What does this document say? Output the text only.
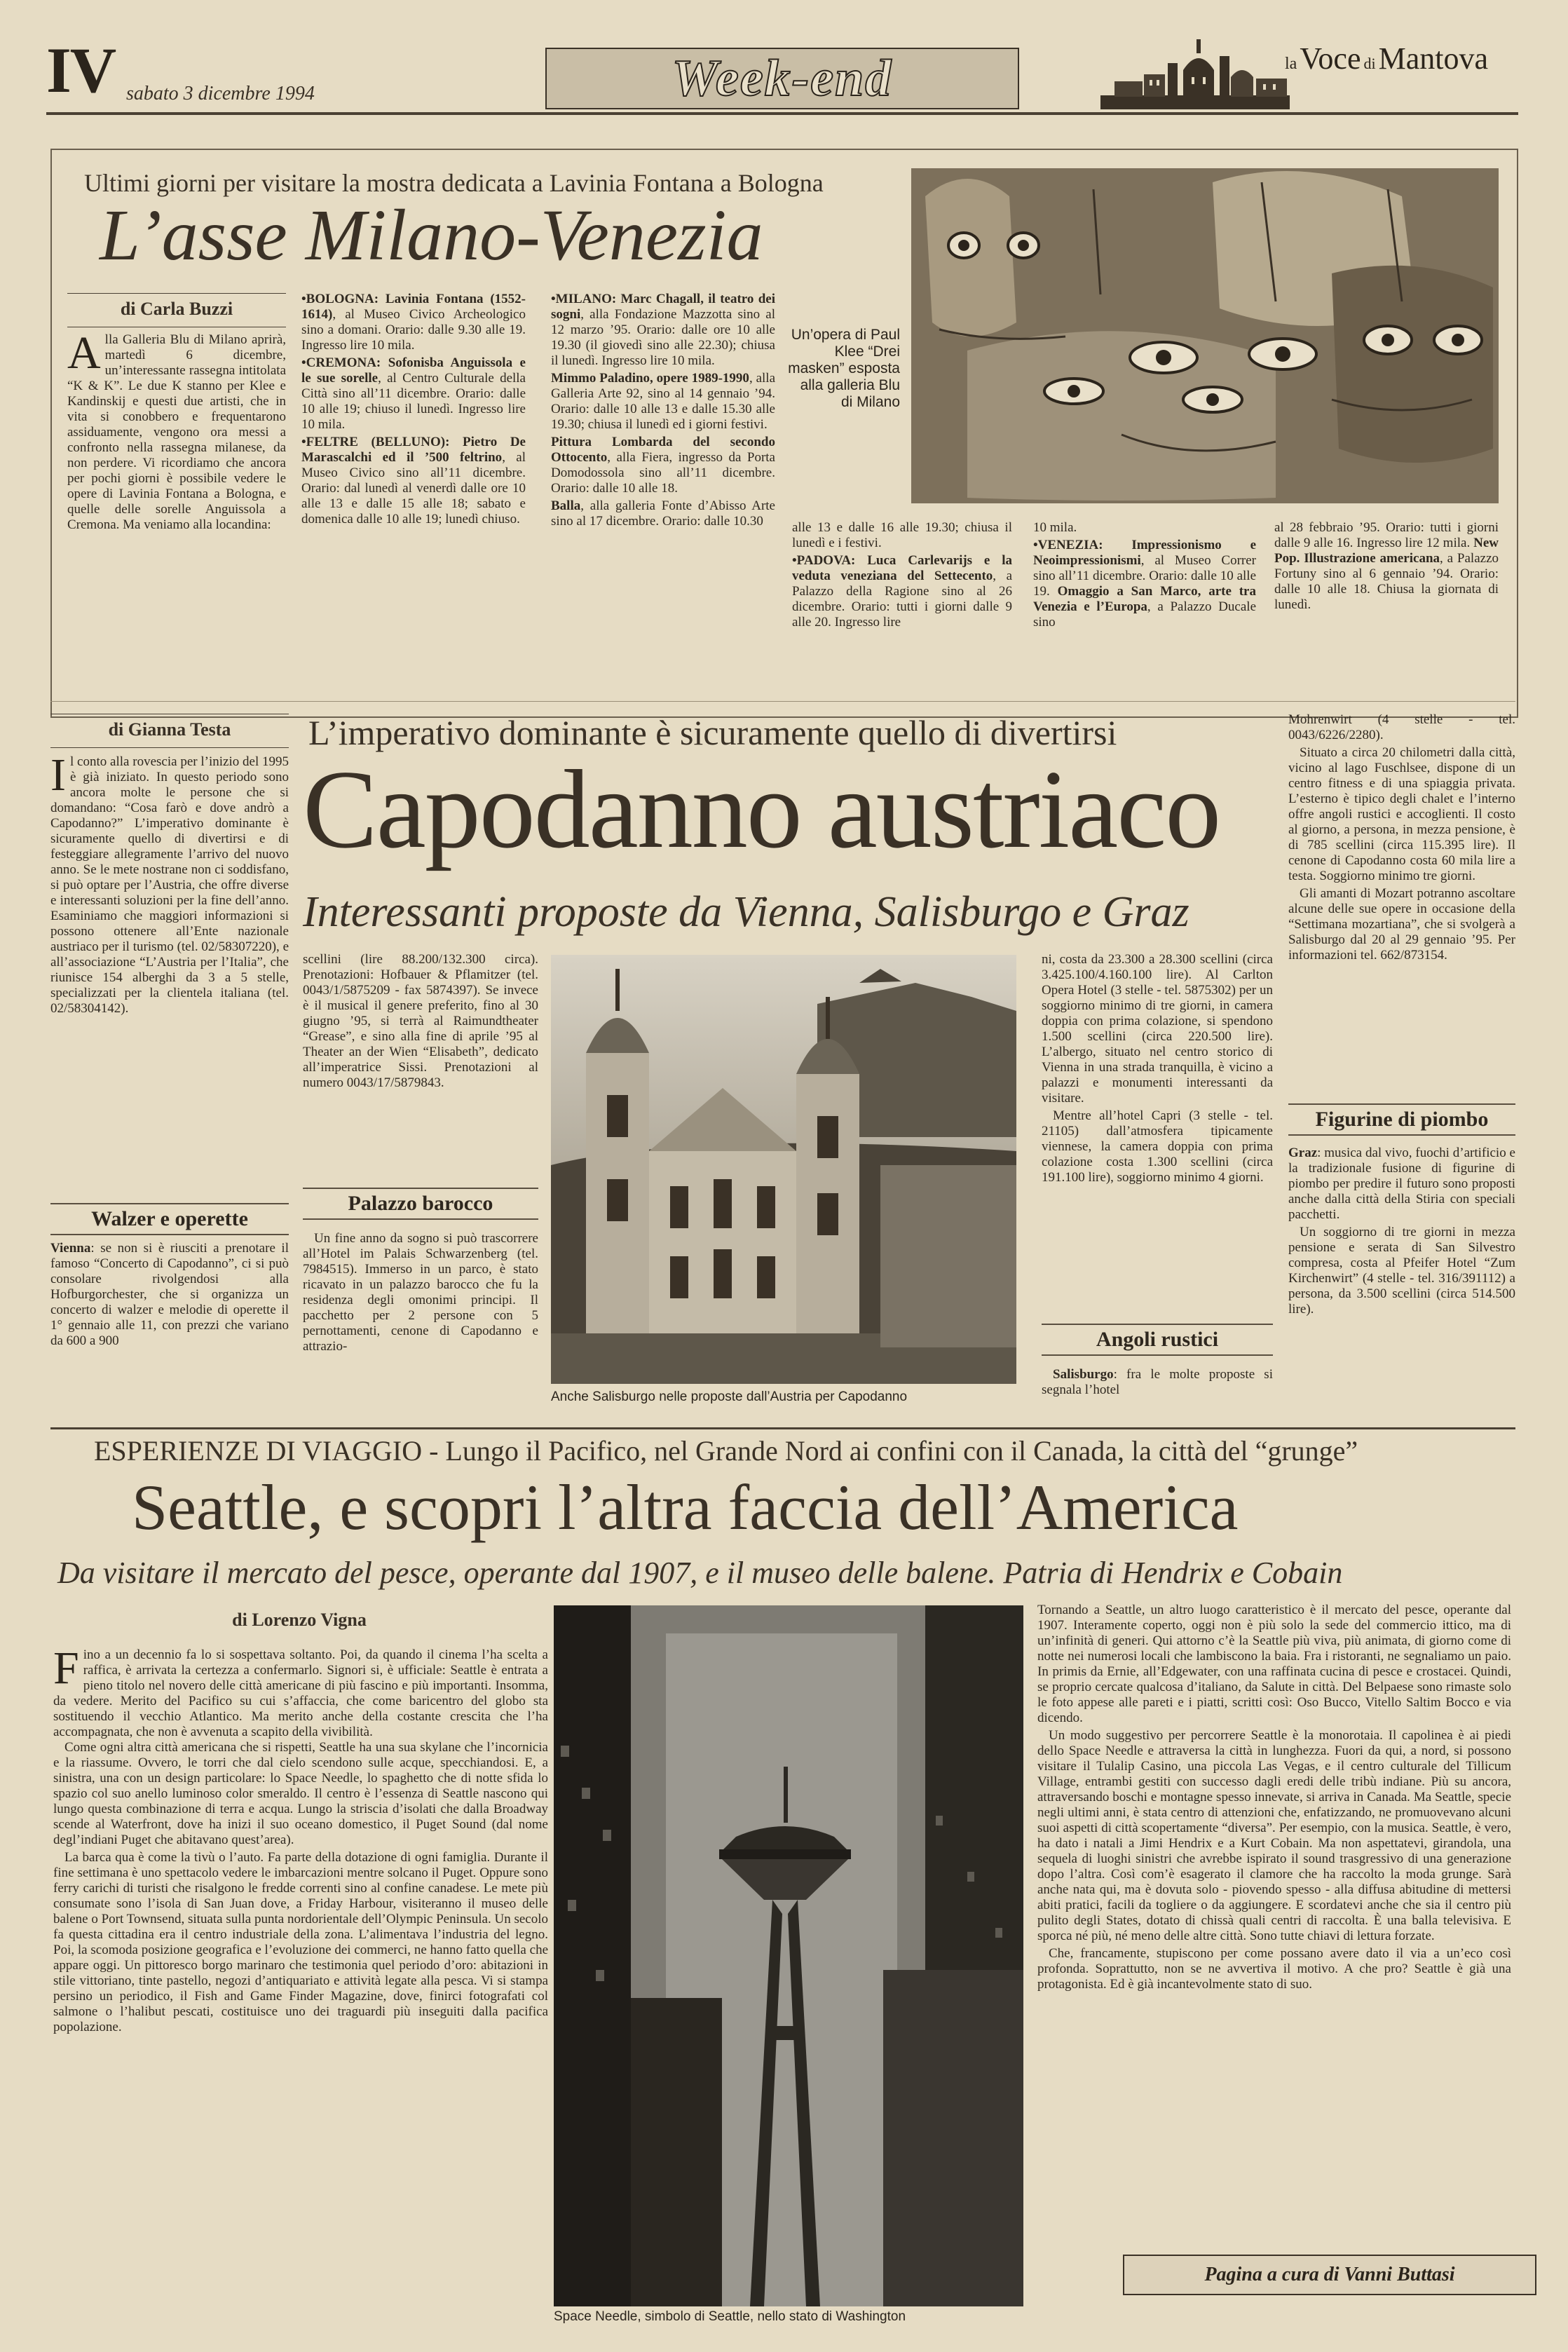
IV sabato 3 dicembre 1994	Week-end	la Voce di Mantova
Ultimi giorni per visitare la mostra dedicata a Lavinia Fontana a Bologna
L’asse Milano-Venezia
di Carla Buzzi
A lla Galleria Blu di Milano aprirà, martedì 6 dicembre, un’interessante rassegna intitolata “K & K”. Le due K stanno per Klee e Kandinskij e questi due artisti, che in vita si conobbero e frequentarono assiduamente, vengono ora messi a confronto nella rassegna milanese, da non perdere. Vi ricordiamo che ancora per pochi giorni è possibile vedere le opere di Lavinia Fontana a Bologna, e quelle delle sorelle Anguissola a Cremona. Ma veniamo alla locandina:

•BOLOGNA: Lavinia Fontana (1552-1614), al Museo Civico Archeologico sino a domani. Orario: dalle 9.30 alle 19. Ingresso lire 10 mila.

•CREMONA: Sofonisba Anguissola e le sue sorelle, al Centro Culturale della Città sino all’11 dicembre. Orario: dalle 10 alle 19; chiuso il lunedì. Ingresso lire 10 mila.

•FELTRE (BELLUNO): Pietro De Marascalchi ed il ’500 feltrino, al Museo Civico sino all’11 dicembre. Orario: dal lunedì al venerdì dalle ore 10 alle 13 e dalle 15 alle 18; sabato e domenica dalle 10 alle 19; lunedì chiuso.

•MILANO: Marc Chagall, il teatro dei sogni, alla Fondazione Mazzotta sino al 12 marzo ’95. Orario: dalle ore 10 alle 19.30 (il giovedì sino alle 22.30); chiusa il lunedì. Ingresso lire 10 mila.

Mimmo Paladino, opere 1989-1990, alla Galleria Arte 92, sino al 14 gennaio ’94. Orario: dalle 10 alle 13 e dalle 15.30 alle 19.30; chiusa il lunedì ed i giorni festivi.

Pittura Lombarda del secondo Ottocento, alla Fiera, ingresso da Porta Domodossola sino all’11 dicembre. Orario: dalle 10 alle 18.

Balla, alla galleria Fonte d’Abisso Arte sino al 17 dicembre. Orario: dalle 10.30

Un’opera di Paul Klee “Drei masken” esposta alla galleria Blu di Milano

alle 13 e dalle 16 alle 19.30; chiusa il lunedì e i festivi.

•PADOVA: Luca Carlevarijs e la veduta veneziana del Settecento, a Palazzo della Ragione sino al 26 dicembre. Orario: tutti i giorni dalle 9 alle 20. Ingresso lire

10 mila.

•VENEZIA: Impressionismo e Neoimpressionismi, al Museo Correr sino all’11 dicembre. Orario: dalle 10 alle 19. Omaggio a San Marco, arte tra Venezia e l’Europa, a Palazzo Ducale sino

al 28 febbraio ’95. Orario: tutti i giorni dalle 9 alle 16. Ingresso lire 12 mila. New Pop. Illustrazione americana, a Palazzo Fortuny sino al 6 gennaio ’94. Orario: dalle 10 alle 18. Chiusa la giornata di lunedì.

di Gianna Testa
I l conto alla rovescia per l’inizio del 1995 è già iniziato. In questo periodo sono ancora molte le persone che si domandano: “Cosa farò e dove andrò a Capodanno?” L’imperativo dominante è sicuramente quello di divertirsi e di festeggiare allegramente l’arrivo del nuovo anno. Se le mete nostrane non ci soddisfano, si può optare per l’Austria, che offre diverse e interessanti soluzioni per la fine dell’anno. Esaminiamo che maggiori informazioni si possono ottenere all’Ente nazionale austriaco per il turismo (tel. 02/58307220), e all’associazione “L’Austria per l’Italia”, che riunisce 154 alberghi da 3 a 5 stelle, specializzati per la clientela italiana (tel. 02/58304142).
Walzer e operette

Vienna: se non si è riusciti a prenotare il famoso “Concerto di Capodanno”, ci si può consolare rivolgendosi alla Hofburgorchester, che si organizza un concerto di walzer e melodie di operette il 1° gennaio alle 11, con prezzi che variano da 600 a 900

L’imperativo dominante è sicuramente quello di divertirsi
Capodanno austriaco
Interessanti proposte da Vienna, Salisburgo e Graz

scellini (lire 88.200/132.300 circa). Prenotazioni: Hofbauer & Pflamitzer (tel. 0043/1/5875209 - fax 5874397). Se invece è il musical il genere preferito, fino al 30 giugno ’95, si terrà al Raimundtheater “Grease”, e sino alla fine di aprile ’95 al Theater an der Wien “Elisabeth”, dedicato all’imperatrice Sissi. Prenotazioni al numero 0043/17/5879843.

Palazzo barocco

Un fine anno da sogno si può trascorrere all’Hotel im Palais Schwarzenberg (tel. 7984515). Immerso in un parco, è stato ricavato in un palazzo barocco che fu la residenza degli omonimi principi. Il pacchetto per 2 persone con 5 pernottamenti, cenone di Capodanno e attrazio-

Anche Salisburgo nelle proposte dall’Austria per Capodanno

ni, costa da 23.300 a 28.300 scellini (circa 3.425.100/4.160.100 lire). Al Carlton Opera Hotel (3 stelle - tel. 5875302) per un soggiorno minimo di tre giorni, in camera doppia con prima colazione, si spendono 1.500 scellini (circa 220.500 lire). L’albergo, situato nel centro storico di Vienna in una strada tranquilla, è vicino a palazzi e monumenti interessanti da visitare.

Mentre all’hotel Capri (3 stelle - tel. 21105) dall’atmosfera tipicamente viennese, la camera doppia con prima colazione costa 1.300 scellini (circa 191.100 lire), soggiorno minimo 4 giorni.

Angoli rustici

Salisburgo: fra le molte proposte si segnala l’hotel

Mohrenwirt (4 stelle - tel. 0043/6226/2280).

Situato a circa 20 chilometri dalla città, vicino al lago Fuschlsee, dispone di un centro fitness e di una spiaggia privata. L’esterno è tipico degli chalet e l’interno offre angoli rustici e accoglienti. Il costo al giorno, a persona, in mezza pensione, è di 785 scellini (circa 115.395 lire). Il cenone di Capodanno costa 60 mila lire a testa. Soggiorno minimo tre giorni.

Gli amanti di Mozart potranno ascoltare alcune delle sue opere in occasione della “Settimana mozartiana”, che si svolgerà a Salisburgo dal 20 al 29 gennaio ’95. Per informazioni tel. 662/873154.

Figurine di piombo

Graz: musica dal vivo, fuochi d’artificio e la tradizionale fusione di figurine di piombo per predire il futuro sono proposti anche dalla città della Stiria con speciali pacchetti.

Un soggiorno di tre giorni in mezza pensione e serata di San Silvestro compresa, costa al Pfeifer Hotel “Zum Kirchenwirt” (4 stelle - tel. 316/391112) a persona, da 3.500 scellini (circa 514.500 lire).

ESPERIENZE DI VIAGGIO - Lungo il Pacifico, nel Grande Nord ai confini con il Canada, la città del “grunge”
Seattle, e scopri l’altra faccia dell’America
Da visitare il mercato del pesce, operante dal 1907, e il museo delle balene. Patria di Hendrix e Cobain
di Lorenzo Vigna
F ino a un decennio fa lo si sospettava soltanto. Poi, da quando il cinema l’ha scelta a raffica, è arrivata la certezza a confermarlo. Signori si, è ufficiale: Seattle è entrata a pieno titolo nel novero delle città americane di più fascino e più importanti. Insomma, da vedere. Merito del Pacifico su cui s’affaccia, che come baricentro del globo sta sostituendo il vecchio Atlantico. Ma merito anche della costante crescita che l’ha accompagnata, che non è avvenuta a scapito della vivibilità.

Come ogni altra città americana che si rispetti, Seattle ha una sua skylane che l’incornicia e la riassume. Ovvero, le torri che dal cielo scendono sulle acque, specchiandosi. E, a sinistra, una con un design particolare: lo Space Needle, lo spaghetto che di notte sfida lo spazio col suo anello luminoso color smeraldo. Il centro è l’essenza di Seattle nascono qui lungo questa combinazione di terra e acqua. Lungo la striscia d’isolati che dalla Broadway scende al Waterfront, dove ha inizi il suo oceano domestico, il Puget Sound (dal nome degl’indiani Puget che abitavano quest’area).

La barca qua è come la tivù o l’auto. Fa parte della dotazione di ogni famiglia. Durante il fine settimana è uno spettacolo vedere le imbarcazioni mentre solcano il Puget. Oppure sono ferry carichi di turisti che risalgono le fredde correnti sino al confine canadese. Le mete più consumate sono l’isola di San Juan dove, a Friday Harbour, visiteranno il museo delle balene o Port Townsend, situata sulla punta nordorientale dell’Olympic Peninsula. Un secolo fa questa cittadina era il centro industriale della zona. L’alimentava l’industria del legno. Poi, la scomoda posizione geografica e l’evoluzione dei commerci, ne hanno fatto quella che appare oggi. Un pittoresco borgo marinaro che testimonia quel periodo d’oro: abitazioni in stile vittoriano, tinte pastello, negozi d’antiquariato e attività legate alla pesca. Vi si stampa persino un periodico, il Fish and Game Finder Magazine, dove, finirci fotografati col salmone o l’halibut pescati, costituisce uno dei traguardi più inseguiti dalla pacifica popolazione.

Space Needle, simbolo di Seattle, nello stato di Washington

Tornando a Seattle, un altro luogo caratteristico è il mercato del pesce, operante dal 1907. Interamente coperto, oggi non è più solo la sede del commercio ittico, ma di un’infinità di generi. Qui attorno c’è la Seattle più viva, più animata, di giorno come di notte nei numerosi locali che lambiscono la baia. Fra i ristoranti, ne segnaliamo un paio. In primis da Ernie, all’Edgewater, con una raffinata cucina di pesce e crostacei. Quindi, se proprio cercate qualcosa d’italiano, da Salute in città. Del Belpaese sono rimaste solo le foto appese alle pareti e i piatti, scritti così: Oso Bucco, Vitello Saltim Bocco e via dicendo.

Un modo suggestivo per percorrere Seattle è la monorotaia. Il capolinea è ai piedi dello Space Needle e attraversa la città in lunghezza. Fuori da qui, a nord, si possono visitare il Tulalip Casino, una piccola Las Vegas, e il centro culturale del Tillicum Village, entrambi gestiti con successo dagli eredi delle tribù indiane. Più su ancora, attraversando boschi e montagne spesso innevate, si arriva in Canada. Ma Seattle, specie negli ultimi anni, è stata centro di attenzioni che, enfatizzando, ne promuovevano alcuni suoi aspetti di città scopertamente “diversa”. Per esempio, con la musica. Seattle, è vero, ha dato i natali a Jimi Hendrix e a Kurt Cobain. Ma non aspettatevi, girandola, una sequela di luoghi sinistri che avrebbe ispirato il sound trasgressivo di una generazione dopo l’altra. Così com’è esagerato il clamore che ha raccolto la moda grunge. Sarà anche nata qui, ma è dovuta solo - piovendo spesso - alla diffusa abitudine di mettersi abiti pratici, facili da togliere o da aggiungere. E scordatevi anche che sia il centro più pulito degli States, dotato di chissà quali centri di raccolta. È una balla televisiva. E sporca né più, né meno delle altre città. Sono tutte chiavi di lettura forzate.

Che, francamente, stupiscono per come possano avere dato il via a un’eco così profonda. Soprattutto, non se ne avvertiva il motivo. A che pro? Seattle è già una protagonista. Ed è già incantevolmente stato di suo.

Pagina a cura di Vanni Buttasi
